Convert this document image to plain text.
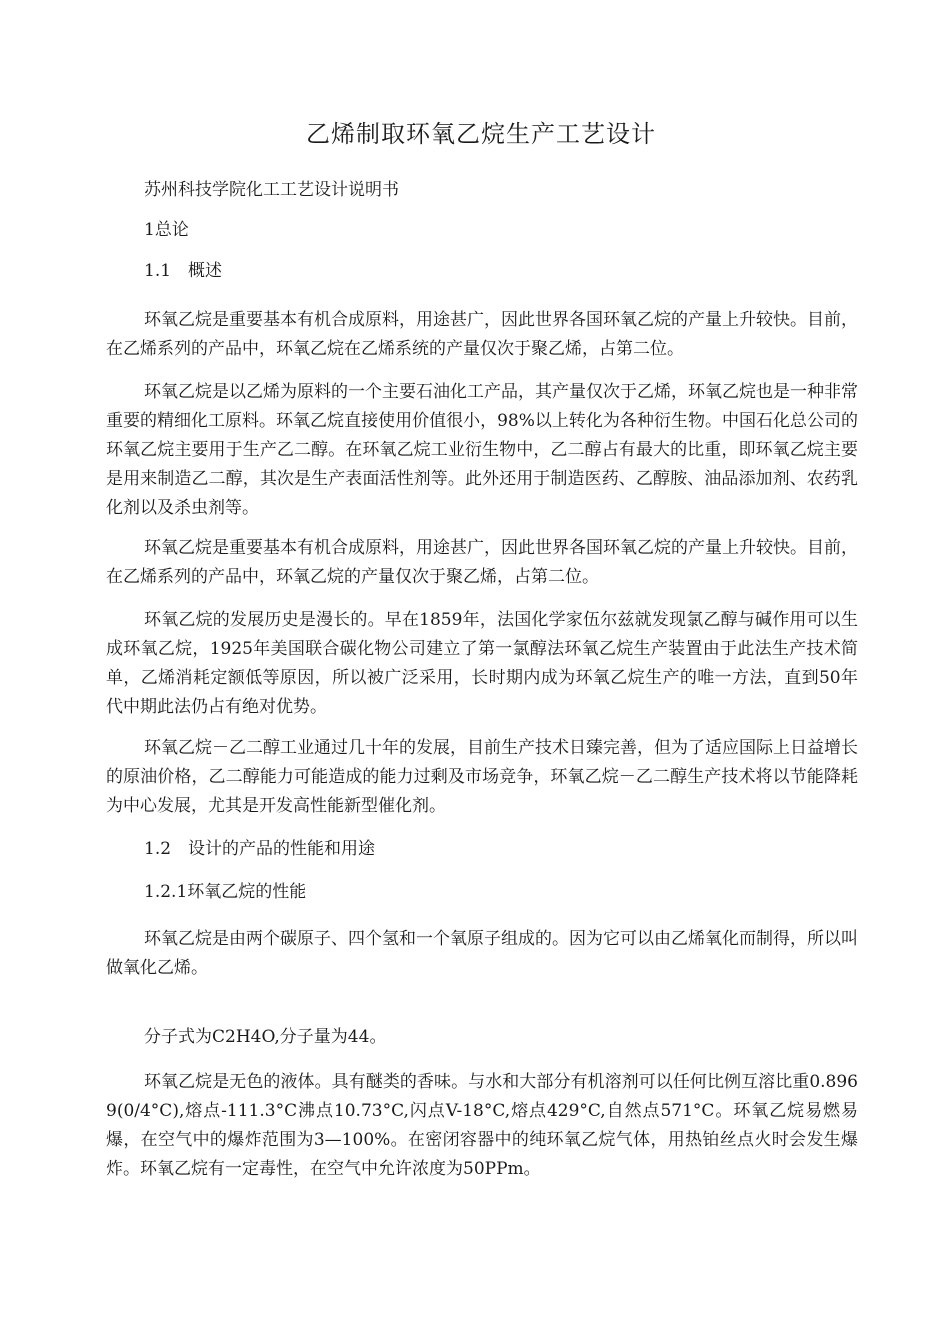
乙烯制取环氧乙烷生产工艺设计

苏州科技学院化工工艺设计说明书

1总论

1.1　概述

环氧乙烷是重要基本有机合成原料，用途甚广，因此世界各国环氧乙烷的产量上升较快。目前，在乙烯系列的产品中，环氧乙烷在乙烯系统的产量仅次于聚乙烯，占第二位。

环氧乙烷是以乙烯为原料的一个主要石油化工产品，其产量仅次于乙烯，环氧乙烷也是一种非常重要的精细化工原料。环氧乙烷直接使用价值很小，98%以上转化为各种衍生物。中国石化总公司的环氧乙烷主要用于生产乙二醇。在环氧乙烷工业衍生物中，乙二醇占有最大的比重，即环氧乙烷主要是用来制造乙二醇，其次是生产表面活性剂等。此外还用于制造医药、乙醇胺、油品添加剂、农药乳化剂以及杀虫剂等。

环氧乙烷是重要基本有机合成原料，用途甚广，因此世界各国环氧乙烷的产量上升较快。目前，在乙烯系列的产品中，环氧乙烷的产量仅次于聚乙烯，占第二位。

环氧乙烷的发展历史是漫长的。早在1859年，法国化学家伍尔兹就发现氯乙醇与碱作用可以生成环氧乙烷，1925年美国联合碳化物公司建立了第一氯醇法环氧乙烷生产装置由于此法生产技术简单，乙烯消耗定额低等原因，所以被广泛采用，长时期内成为环氧乙烷生产的唯一方法，直到50年代中期此法仍占有绝对优势。

环氧乙烷－乙二醇工业通过几十年的发展，目前生产技术日臻完善，但为了适应国际上日益增长的原油价格，乙二醇能力可能造成的能力过剩及市场竞争，环氧乙烷－乙二醇生产技术将以节能降耗为中心发展，尤其是开发高性能新型催化剂。

1.2　设计的产品的性能和用途

1.2.1环氧乙烷的性能

环氧乙烷是由两个碳原子、四个氢和一个氧原子组成的。因为它可以由乙烯氧化而制得，所以叫做氧化乙烯。

分子式为C2H4O,分子量为44。

环氧乙烷是无色的液体。具有醚类的香味。与水和大部分有机溶剂可以任何比例互溶比重0.8969(0/4°C),熔点-111.3°C沸点10.73°C,闪点V-18°C,熔点429°C,自然点571°C。环氧乙烷易燃易爆，在空气中的爆炸范围为3—100%。在密闭容器中的纯环氧乙烷气体，用热铂丝点火时会发生爆炸。环氧乙烷有一定毒性，在空气中允许浓度为50PPm。
